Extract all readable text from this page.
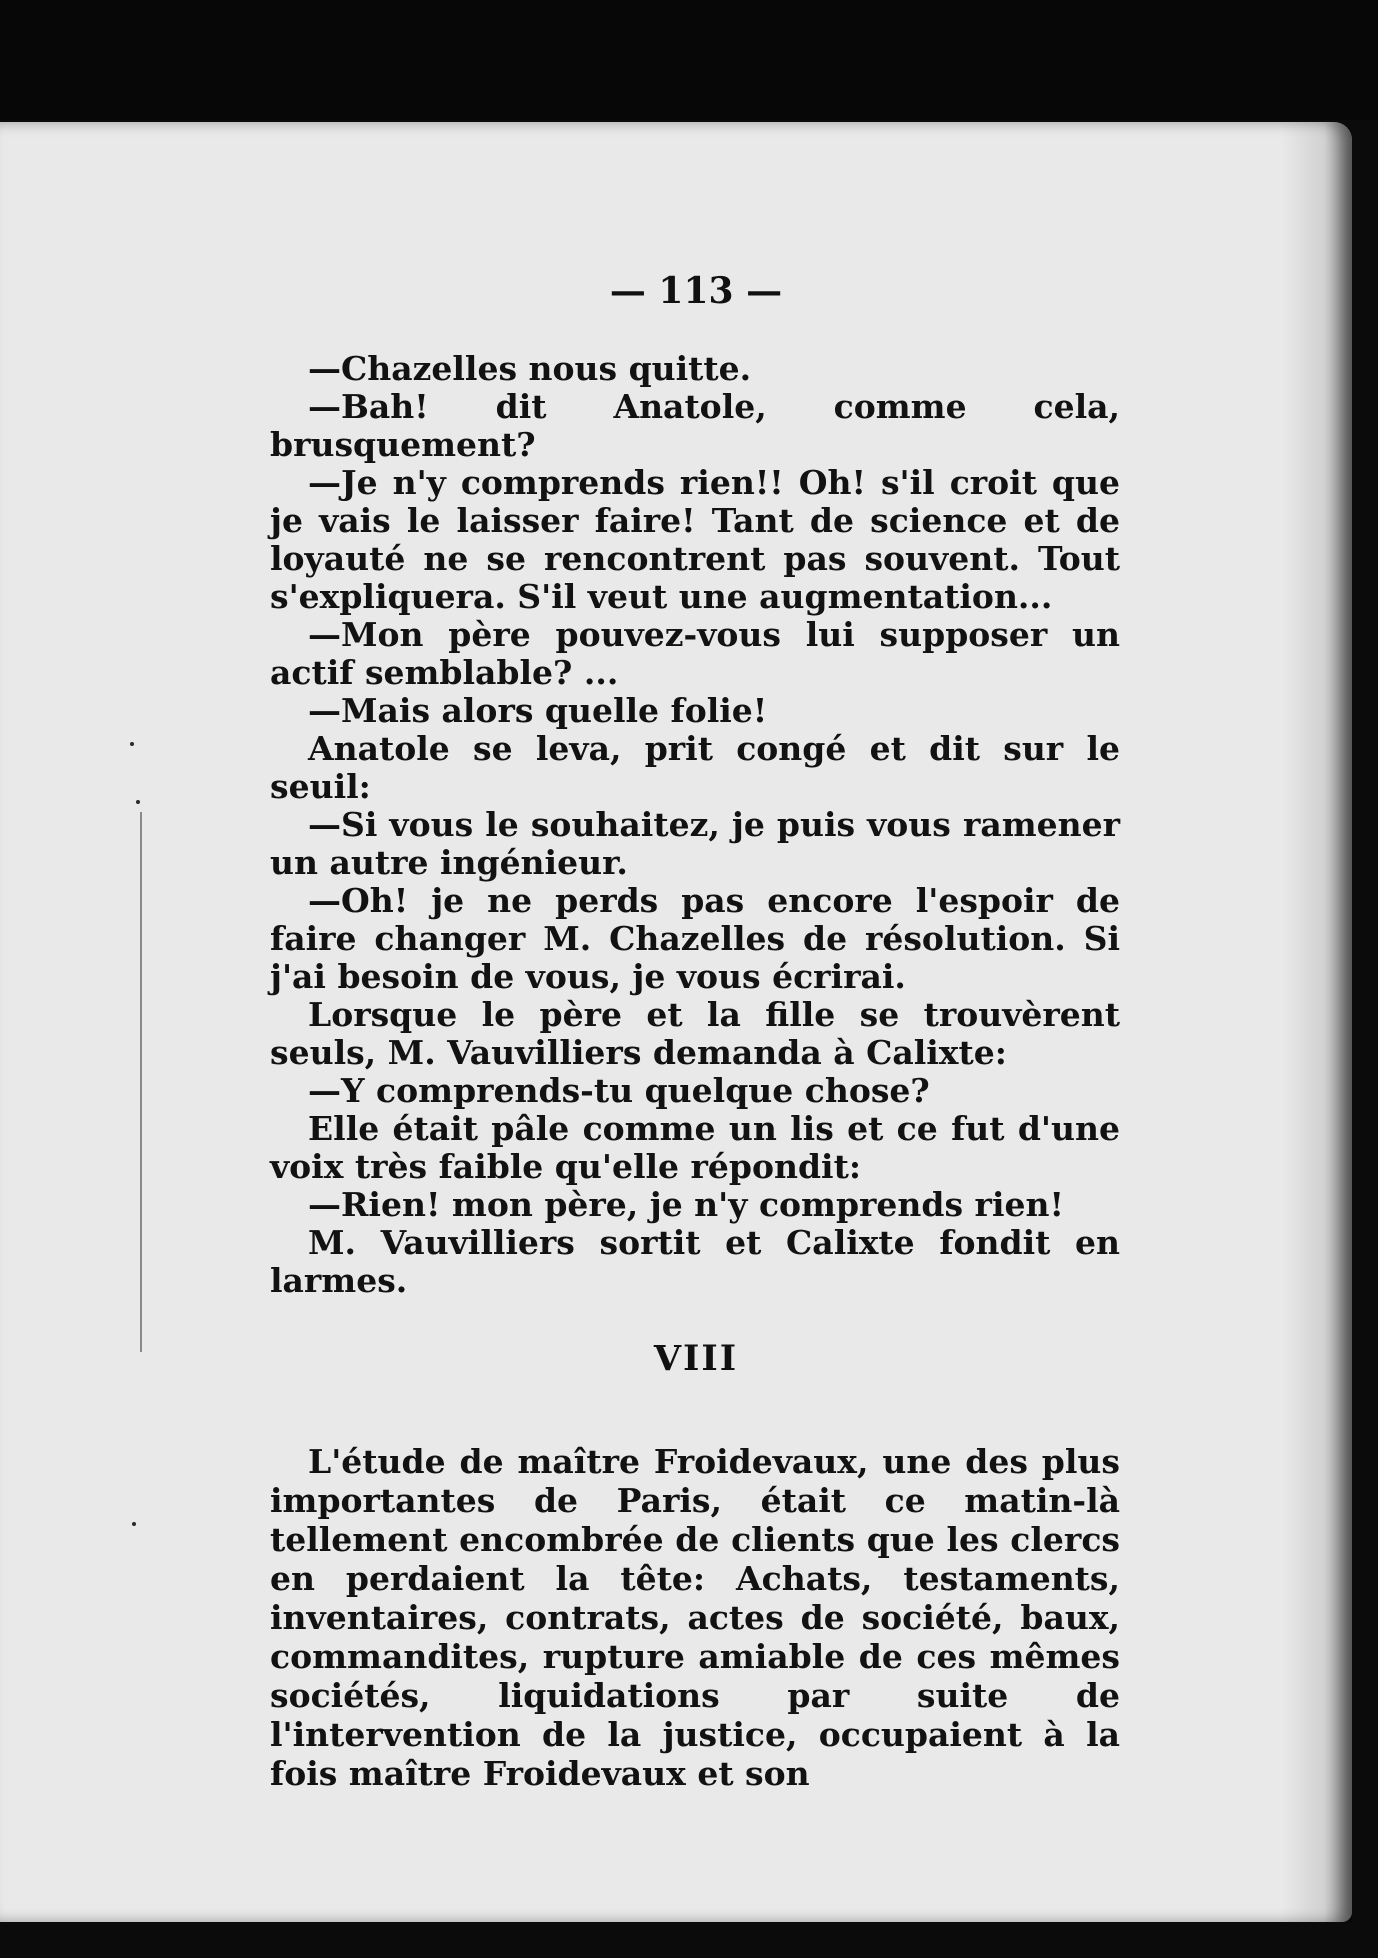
— 113 —

—Chazelles nous quitte.

—Bah! dit Anatole, comme cela, brusquement?

—Je n'y comprends rien!! Oh! s'il croit que je vais le laisser faire! Tant de science et de loyauté ne se rencontrent pas souvent. Tout s'expliquera. S'il veut une augmentation...

—Mon père pouvez-vous lui supposer un actif semblable? ...

—Mais alors quelle folie!

Anatole se leva, prit congé et dit sur le seuil:

—Si vous le souhaitez, je puis vous ramener un autre ingénieur.

—Oh! je ne perds pas encore l'espoir de faire changer M. Chazelles de résolution. Si j'ai besoin de vous, je vous écrirai.

Lorsque le père et la fille se trouvèrent seuls, M. Vauvilliers demanda à Calixte:

—Y comprends-tu quelque chose?

Elle était pâle comme un lis et ce fut d'une voix très faible qu'elle répondit:

—Rien! mon père, je n'y comprends rien!

M. Vauvilliers sortit et Calixte fondit en larmes.

VIII

L'étude de maître Froidevaux, une des plus importantes de Paris, était ce matin-là tellement encombrée de clients que les clercs en perdaient la tête: Achats, testaments, inventaires, contrats, actes de société, baux, commandites, rupture amiable de ces mêmes sociétés, liquidations par suite de l'intervention de la justice, occupaient à la fois maître Froidevaux et son
